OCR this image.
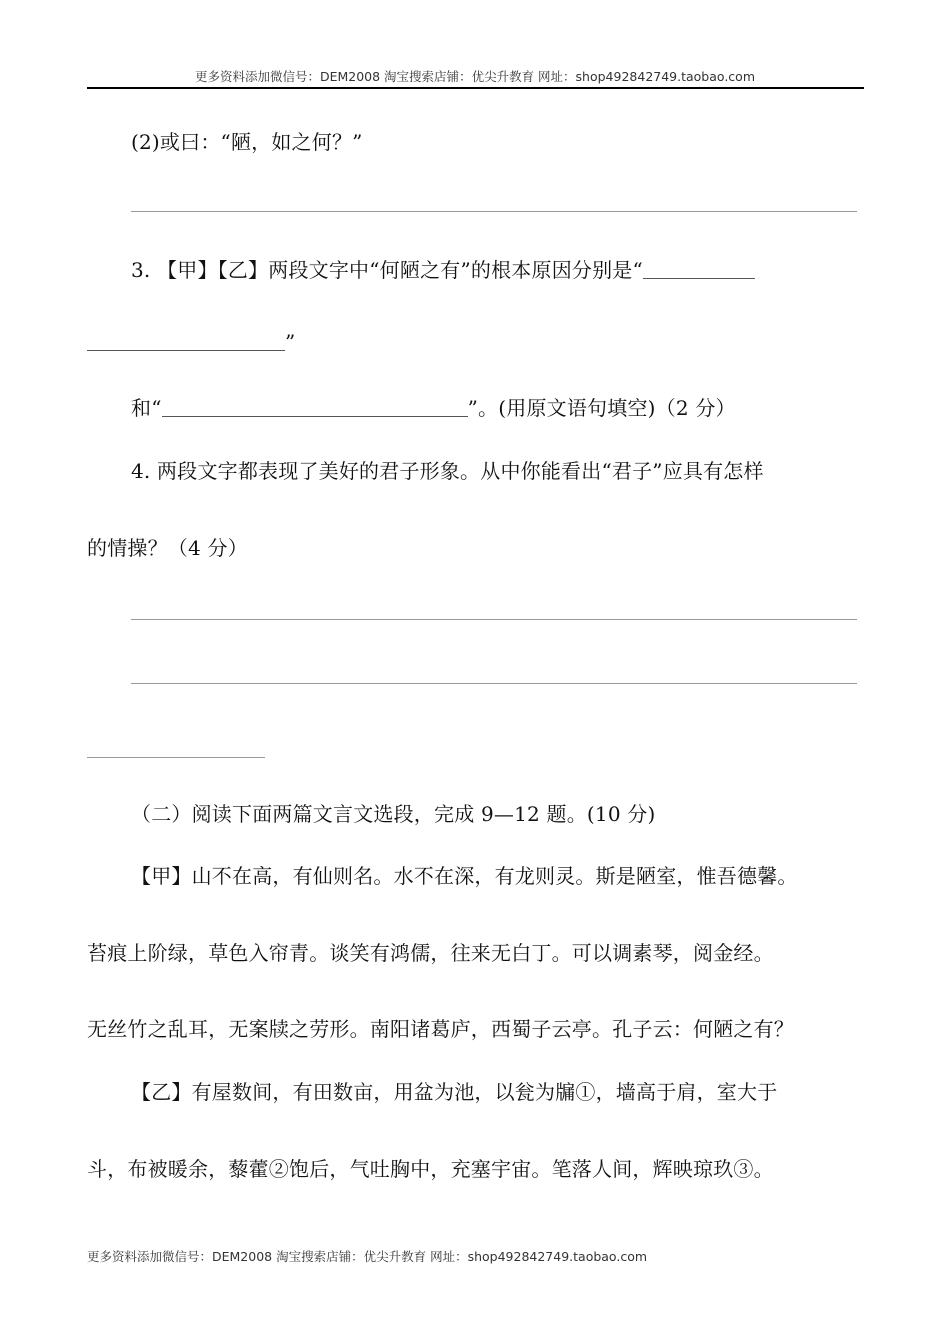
更多资料添加微信号：DEM2008 淘宝搜索店铺：优尖升教育 网址：shop492842749.taobao.com
(2)或曰：“陋，如之何？”
3. 【甲】【乙】两段文字中“何陋之有”的根本原因分别是“
”
和“	”。(用原文语句填空)（2 分）
4. 两段文字都表现了美好的君子形象。从中你能看出“君子”应具有怎样
的情操？（4 分）
（二）阅读下面两篇文言文选段，完成 9—12 题。(10 分)
【甲】山不在高，有仙则名。水不在深，有龙则灵。斯是陋室，惟吾德馨。
苔痕上阶绿，草色入帘青。谈笑有鸿儒，往来无白丁。可以调素琴，阅金经。
无丝竹之乱耳，无案牍之劳形。南阳诸葛庐，西蜀子云亭。孔子云：何陋之有？
【乙】有屋数间，有田数亩，用盆为池，以瓮为牖①，墙高于肩，室大于
斗，布被暖余，藜藿②饱后，气吐胸中，充塞宇宙。笔落人间，辉映琼玖③。
更多资料添加微信号：DEM2008 淘宝搜索店铺：优尖升教育 网址：shop492842749.taobao.com
